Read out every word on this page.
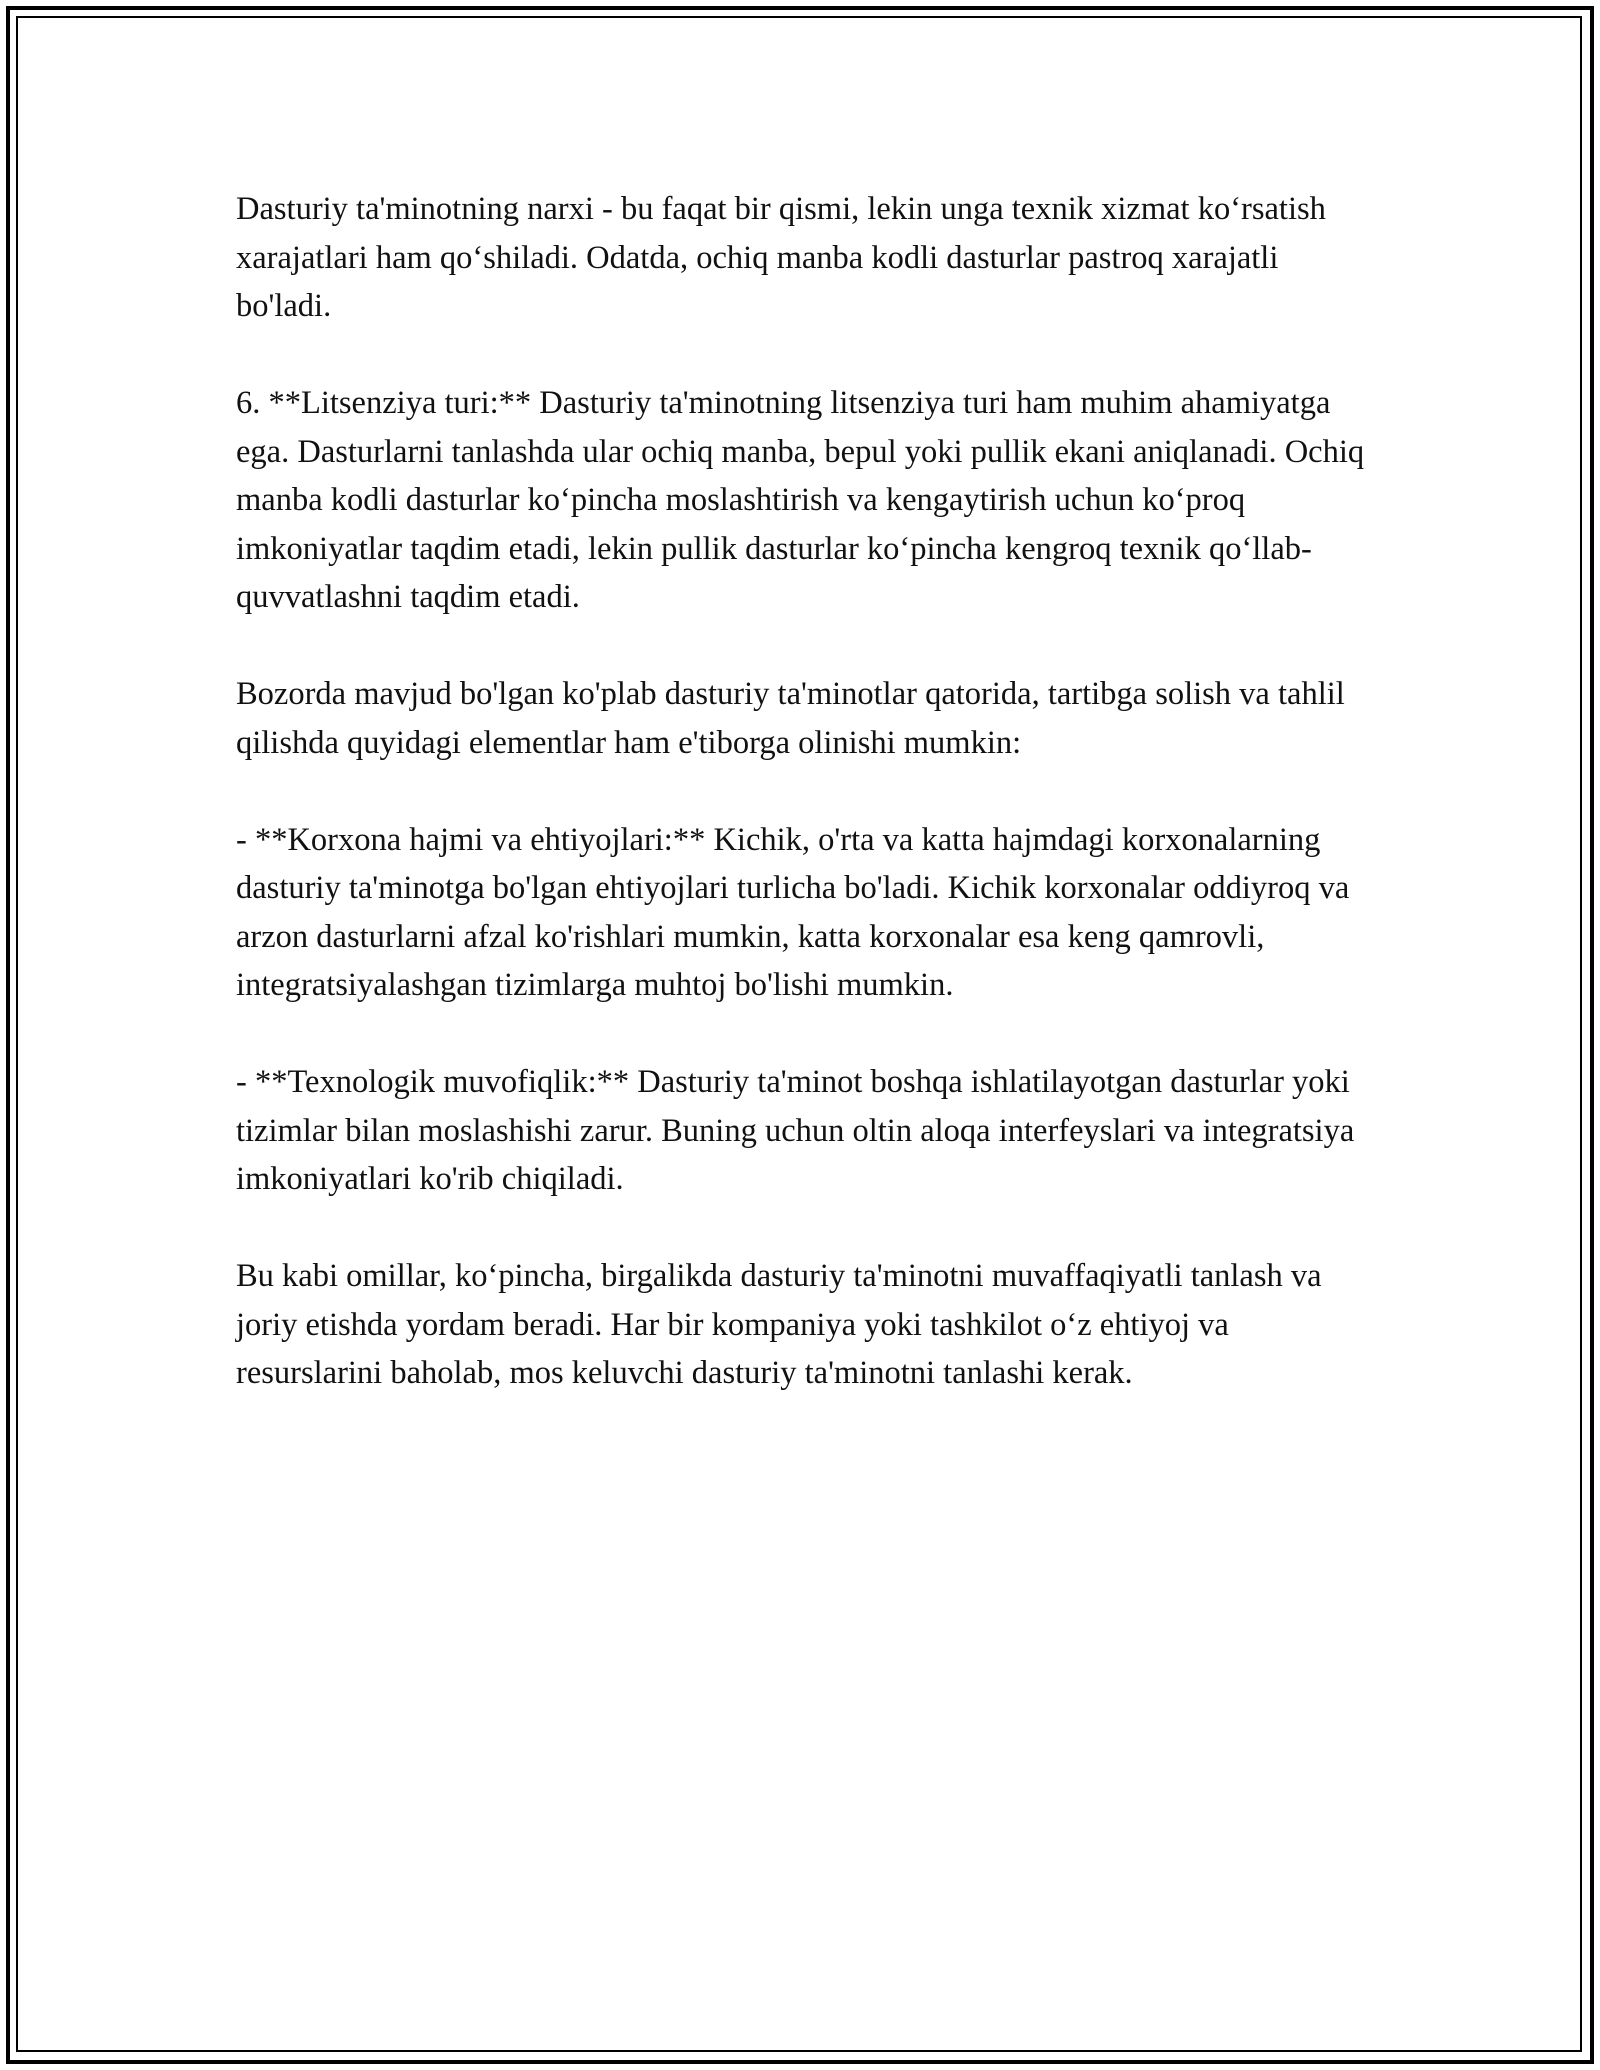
Dasturiy ta'minotning narxi - bu faqat bir qismi, lekin unga texnik xizmat ko‘rsatish xarajatlari ham qo‘shiladi. Odatda, ochiq manba kodli dasturlar pastroq xarajatli bo'ladi.

6. **Litsenziya turi:** Dasturiy ta'minotning litsenziya turi ham muhim ahamiyatga ega. Dasturlarni tanlashda ular ochiq manba, bepul yoki pullik ekani aniqlanadi. Ochiq manba kodli dasturlar ko‘pincha moslashtirish va kengaytirish uchun ko‘proq imkoniyatlar taqdim etadi, lekin pullik dasturlar ko‘pincha kengroq texnik qo‘llab-quvvatlashni taqdim etadi.

Bozorda mavjud bo'lgan ko'plab dasturiy ta'minotlar qatorida, tartibga solish va tahlil qilishda quyidagi elementlar ham e'tiborga olinishi mumkin:

- **Korxona hajmi va ehtiyojlari:** Kichik, o'rta va katta hajmdagi korxonalarning dasturiy ta'minotga bo'lgan ehtiyojlari turlicha bo'ladi. Kichik korxonalar oddiyroq va arzon dasturlarni afzal ko'rishlari mumkin, katta korxonalar esa keng qamrovli, integratsiyalashgan tizimlarga muhtoj bo'lishi mumkin.

- **Texnologik muvofiqlik:** Dasturiy ta'minot boshqa ishlatilayotgan dasturlar yoki tizimlar bilan moslashishi zarur. Buning uchun oltin aloqa interfeyslari va integratsiya imkoniyatlari ko'rib chiqiladi.

Bu kabi omillar, ko‘pincha, birgalikda dasturiy ta'minotni muvaffaqiyatli tanlash va joriy etishda yordam beradi. Har bir kompaniya yoki tashkilot o‘z ehtiyoj va resurslarini baholab, mos keluvchi dasturiy ta'minotni tanlashi kerak.
